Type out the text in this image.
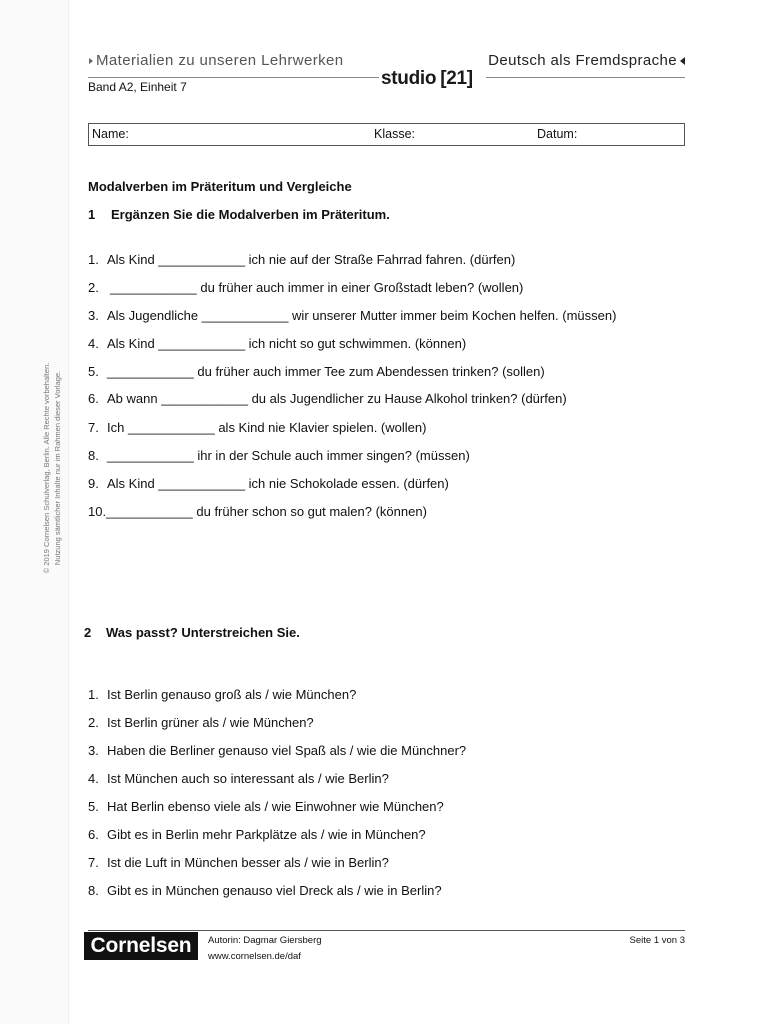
© 2019 Cornelsen Schulverlag, Berlin. Alle Rechte vorbehalten. Nutzung sämtlicher Inhalte nur im Rahmen dieser Vorlage.
Materialien zu unseren Lehrwerken	Deutsch als Fremdsprache
studio [21]
Band A2, Einheit 7
Name:	Klasse:	Datum:
Modalverben im Präteritum und Vergleiche
1 Ergänzen Sie die Modalverben im Präteritum.
1. Als Kind ____________ ich nie auf der Straße Fahrrad fahren. (dürfen)
2. ____________ du früher auch immer in einer Großstadt leben? (wollen)
3. Als Jugendliche ____________ wir unserer Mutter immer beim Kochen helfen. (müssen)
4. Als Kind ____________ ich nicht so gut schwimmen. (können)
5. ____________ du früher auch immer Tee zum Abendessen trinken? (sollen)
6. Ab wann ____________ du als Jugendlicher zu Hause Alkohol trinken? (dürfen)
7. Ich ____________ als Kind nie Klavier spielen. (wollen)
8. ____________ ihr in der Schule auch immer singen? (müssen)
9. Als Kind ____________ ich nie Schokolade essen. (dürfen)
10. ____________ du früher schon so gut malen? (können)
2 Was passt? Unterstreichen Sie.
1. Ist Berlin genauso groß als / wie München?
2. Ist Berlin grüner als / wie München?
3. Haben die Berliner genauso viel Spaß als / wie die Münchner?
4. Ist München auch so interessant als / wie Berlin?
5. Hat Berlin ebenso viele als / wie Einwohner wie München?
6. Gibt es in Berlin mehr Parkplätze als / wie in München?
7. Ist die Luft in München besser als / wie in Berlin?
8. Gibt es in München genauso viel Dreck als / wie in Berlin?
Cornelsen	Autorin: Dagmar Giersberg
www.cornelsen.de/daf
Seite 1 von 3
